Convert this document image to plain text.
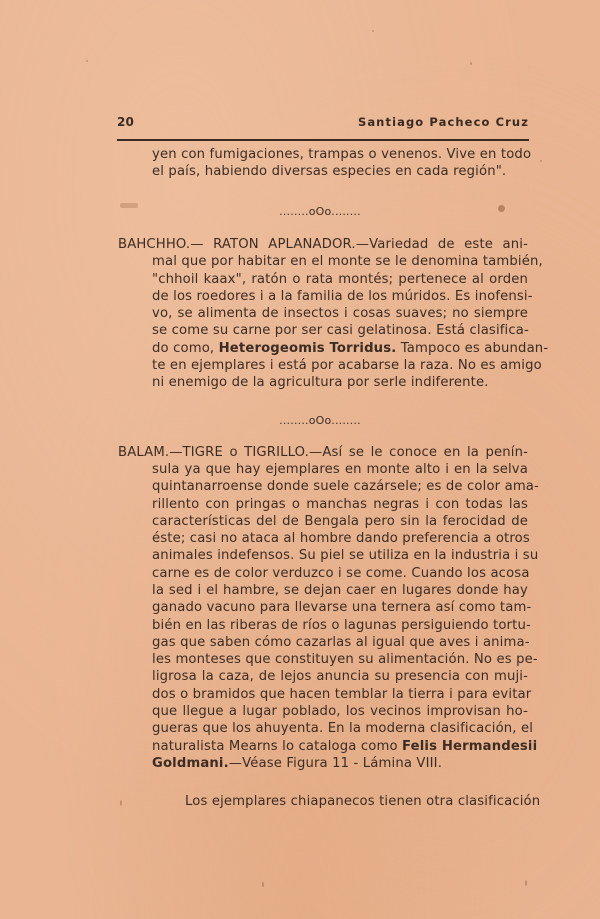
20	Santiago Pacheco Cruz
yen con fumigaciones, trampas o venenos. Vive en todo
el país, habiendo diversas especies en cada región".
........oOo........
BAHCHHO.— RATON APLANADOR.—Variedad de este ani-
mal que por habitar en el monte se le denomina también,
"chhoil kaax", ratón o rata montés; pertenece al orden
de los roedores i a la familia de los múridos. Es inofensi-
vo, se alimenta de insectos i cosas suaves; no siempre
se come su carne por ser casi gelatinosa. Está clasifica-
do como, Heterogeomis Torridus. Tampoco es abundan-
te en ejemplares i está por acabarse la raza. No es amigo
ni enemigo de la agricultura por serle indiferente.
........oOo........
BALAM.—TIGRE o TIGRILLO.—Así se le conoce en la penín-
sula ya que hay ejemplares en monte alto i en la selva
quintanarroense donde suele cazársele; es de color ama-
rillento con pringas o manchas negras i con todas las
características del de Bengala pero sin la ferocidad de
éste; casi no ataca al hombre dando preferencia a otros
animales indefensos. Su piel se utiliza en la industria i su
carne es de color verduzco i se come. Cuando los acosa
la sed i el hambre, se dejan caer en lugares donde hay
ganado vacuno para llevarse una ternera así como tam-
bién en las riberas de ríos o lagunas persiguiendo tortu-
gas que saben cómo cazarlas al igual que aves i anima-
les monteses que constituyen su alimentación. No es pe-
ligrosa la caza, de lejos anuncia su presencia con muji-
dos o bramidos que hacen temblar la tierra i para evitar
que llegue a lugar poblado, los vecinos improvisan ho-
gueras que los ahuyenta. En la moderna clasificación, el
naturalista Mearns lo cataloga como Felis Hermandesii
Goldmani.—Véase Figura 11 - Lámina VIII.
Los ejemplares chiapanecos tienen otra clasificación
